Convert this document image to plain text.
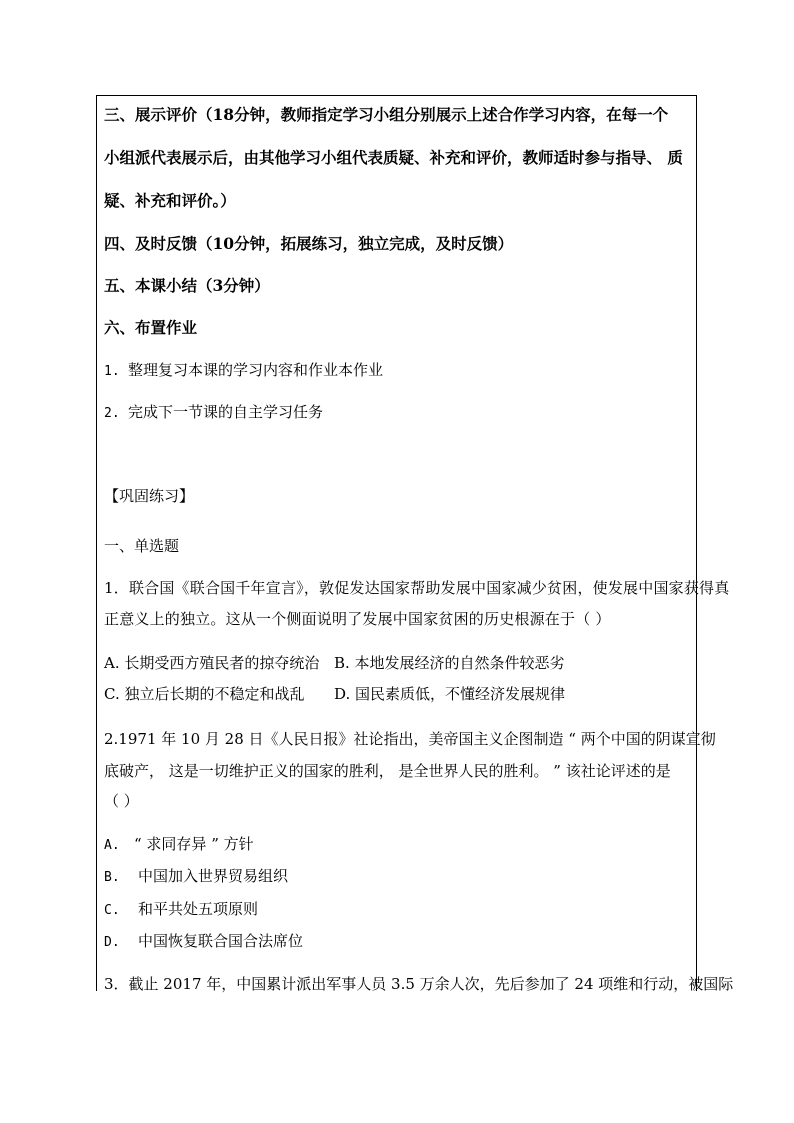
三、展示评价（18分钟，教师指定学习小组分别展示上述合作学习内容，在每一个
小组派代表展示后，由其他学习小组代表质疑、补充和评价，教师适时参与指导、 质
疑、补充和评价。）
四、及时反馈（10分钟，拓展练习，独立完成，及时反馈）
五、本课小结（3分钟）
六、布置作业
1. 整理复习本课的学习内容和作业本作业
2. 完成下一节课的自主学习任务
【巩固练习】
一、单选题
1．联合国《联合国千年宣言》，敦促发达国家帮助发展中国家减少贫困，使发展中国家获得真
正意义上的独立。这从一个侧面说明了发展中国家贫困的历史根源在于（ ）
A. 长期受西方殖民者的掠夺统治 B. 本地发展经济的自然条件较恶劣
C. 独立后长期的不稳定和战乱 D. 国民素质低，不懂经济发展规律
2.1971 年 10 月 28 日《人民日报》社论指出，美帝国主义企图制造 “ 两个中国的阴谋宣彻
底破产， 这是一切维护正义的国家的胜利， 是全世界人民的胜利。 ” 该社论评述的是
（ ）
A. “ 求同存异 ” 方针
B. 中国加入世界贸易组织
C. 和平共处五项原则
D. 中国恢复联合国合法席位
3．截止 2017 年，中国累计派出军事人员 3.5 万余人次，先后参加了 24 项维和行动，被国际
